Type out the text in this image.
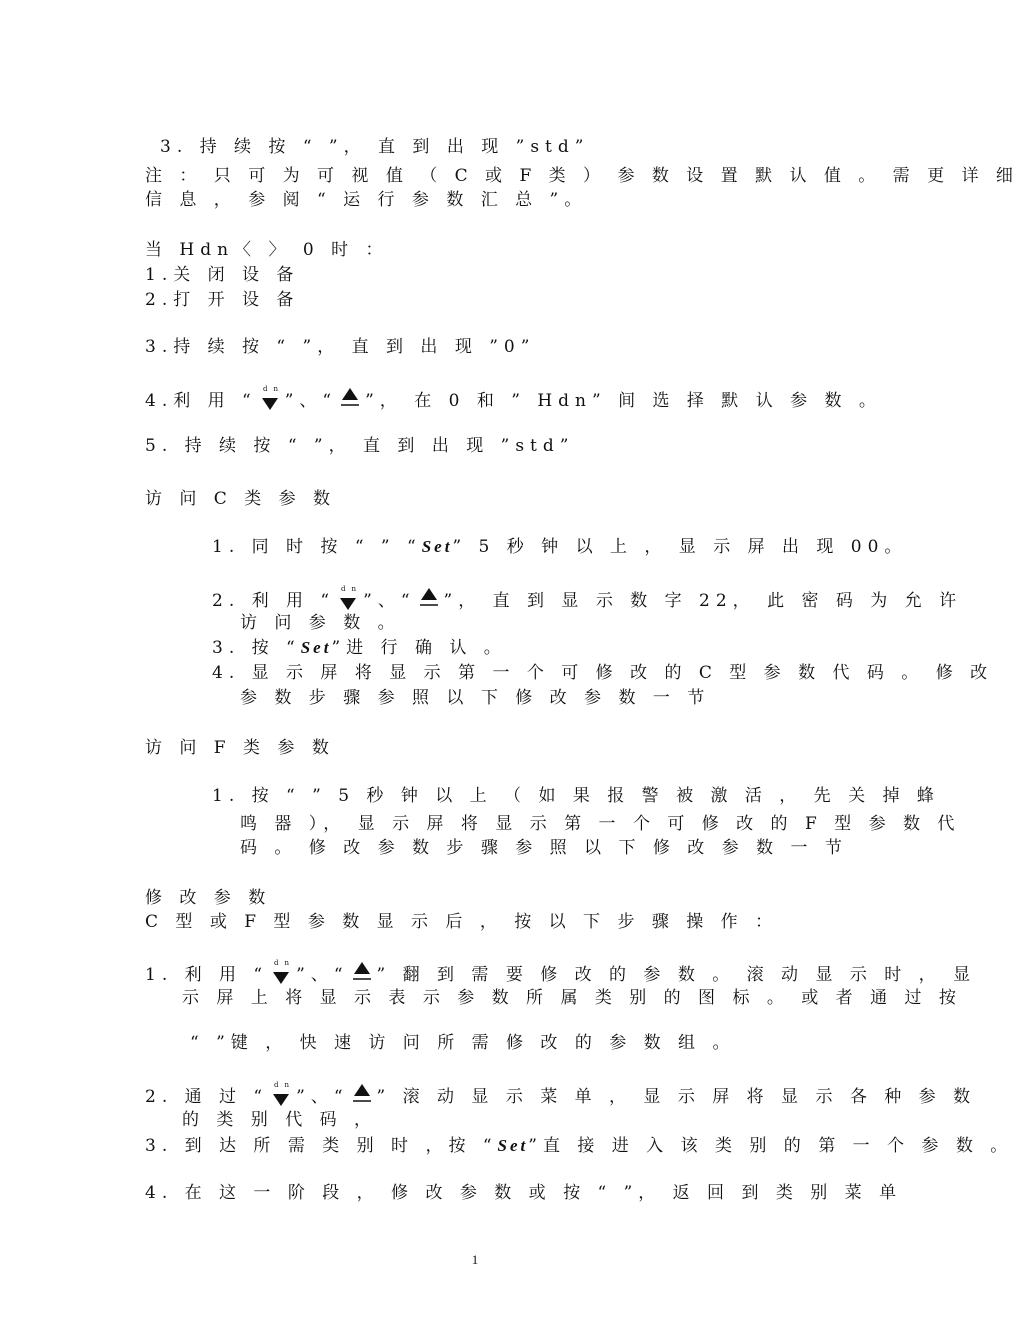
3. 持 续 按 “ ”， 直 到 出 现 ”std”
注 ： 只 可 为 可 视 值 （ C 或 F 类 ） 参 数 设 置 默 认 值 。 需 更 详 细
信 息 ， 参 阅 “ 运 行 参 数 汇 总 ”。
当 Hdn〈 〉 0 时 ：
1.关 闭 设 备
2.打 开 设 备
3.持 续 按 “ ”， 直 到 出 现 ”0”
4.利 用 “
dn
”、“ ”， 在 0 和 ” Hdn” 间 选 择 默 认 参 数 。
5. 持 续 按 “ ”， 直 到 出 现 ”std”
访 问 C 类 参 数
1. 同 时 按 “ ” “Set” 5 秒 钟 以 上 ， 显 示 屏 出 现 00。
2. 利 用 “
dn
”、“ ”， 直 到 显 示 数 字 22， 此 密 码 为 允 许
访 问 参 数 。
3. 按 “Set”进 行 确 认 。
4. 显 示 屏 将 显 示 第 一 个 可 修 改 的 C 型 参 数 代 码 。 修 改
参 数 步 骤 参 照 以 下 修 改 参 数 一 节
访 问 F 类 参 数
1. 按 “ ” 5 秒 钟 以 上 （ 如 果 报 警 被 激 活 ， 先 关 掉 蜂
鸣 器 ）， 显 示 屏 将 显 示 第 一 个 可 修 改 的 F 型 参 数 代
码 。 修 改 参 数 步 骤 参 照 以 下 修 改 参 数 一 节
修 改 参 数
C 型 或 F 型 参 数 显 示 后 ， 按 以 下 步 骤 操 作 ：
1. 利 用 “
dn
”、“ ” 翻 到 需 要 修 改 的 参 数 。 滚 动 显 示 时 ， 显
示 屏 上 将 显 示 表 示 参 数 所 属 类 别 的 图 标 。 或 者 通 过 按
“ ”键 ， 快 速 访 问 所 需 修 改 的 参 数 组 。
2. 通 过 “
dn
”、“ ” 滚 动 显 示 菜 单 ， 显 示 屏 将 显 示 各 种 参 数
的 类 别 代 码 ，
3. 到 达 所 需 类 别 时 ，按 “Set”直 接 进 入 该 类 别 的 第 一 个 参 数 。
4. 在 这 一 阶 段 ， 修 改 参 数 或 按 “ ”， 返 回 到 类 别 菜 单
1
